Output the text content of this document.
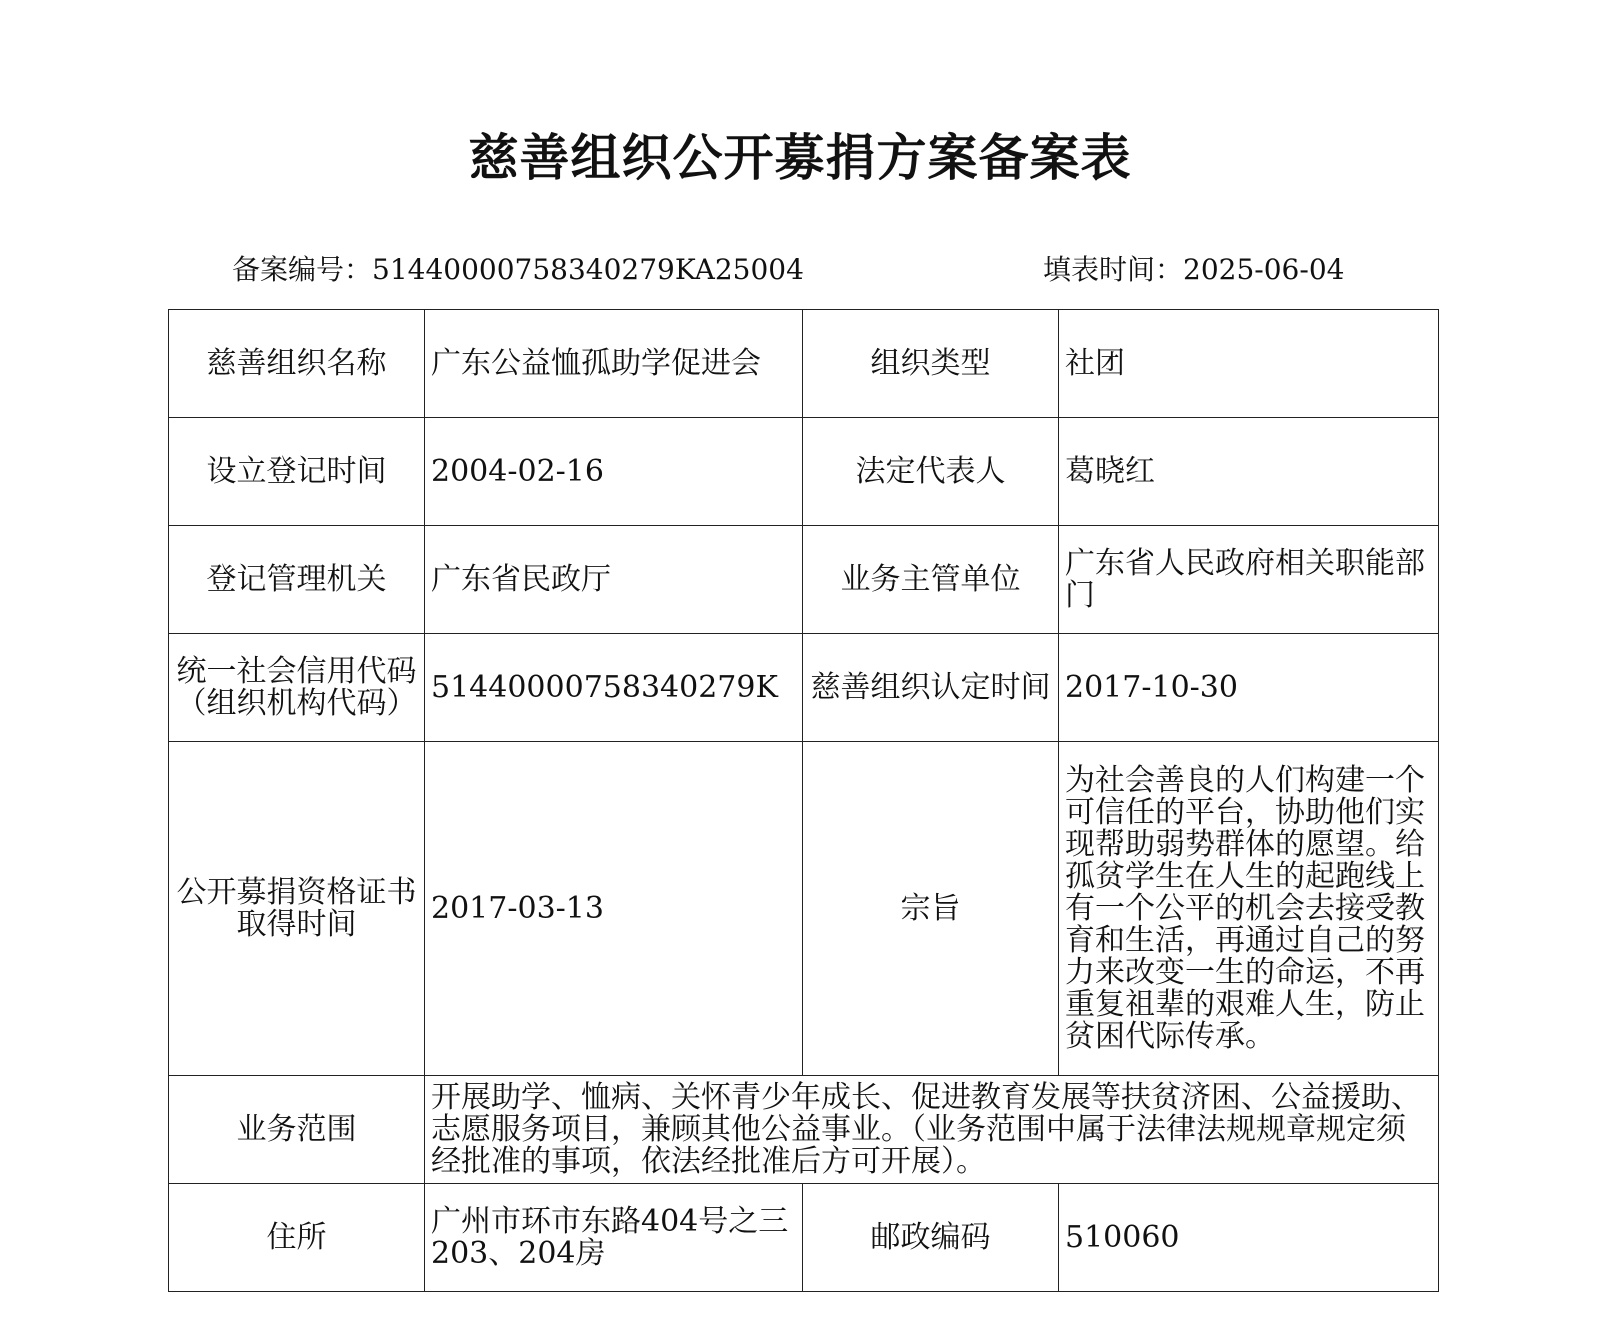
慈善组织公开募捐方案备案表
备案编号：51440000758340279KA25004	填表时间：2025-06-04
慈善组织名称	广东公益恤孤助学促进会	组织类型	社团
设立登记时间	2004-02-16	法定代表人	葛晓红
登记管理机关	广东省民政厅	业务主管单位	广东省人民政府相关职能部门
统一社会信用代码（组织机构代码）	51440000758340279K	慈善组织认定时间	2017-10-30
公开募捐资格证书取得时间	2017-03-13	宗旨	为社会善良的人们构建一个可信任的平台，协助他们实现帮助弱势群体的愿望。给孤贫学生在人生的起跑线上有一个公平的机会去接受教育和生活，再通过自己的努力来改变一生的命运，不再重复祖辈的艰难人生，防止贫困代际传承。
业务范围	开展助学、恤病、关怀青少年成长、促进教育发展等扶贫济困、公益援助、志愿服务项目，兼顾其他公益事业。（业务范围中属于法律法规规章规定须经批准的事项，依法经批准后方可开展）。		
住所	广州市环市东路404号之三 203、204房	邮政编码	510060
